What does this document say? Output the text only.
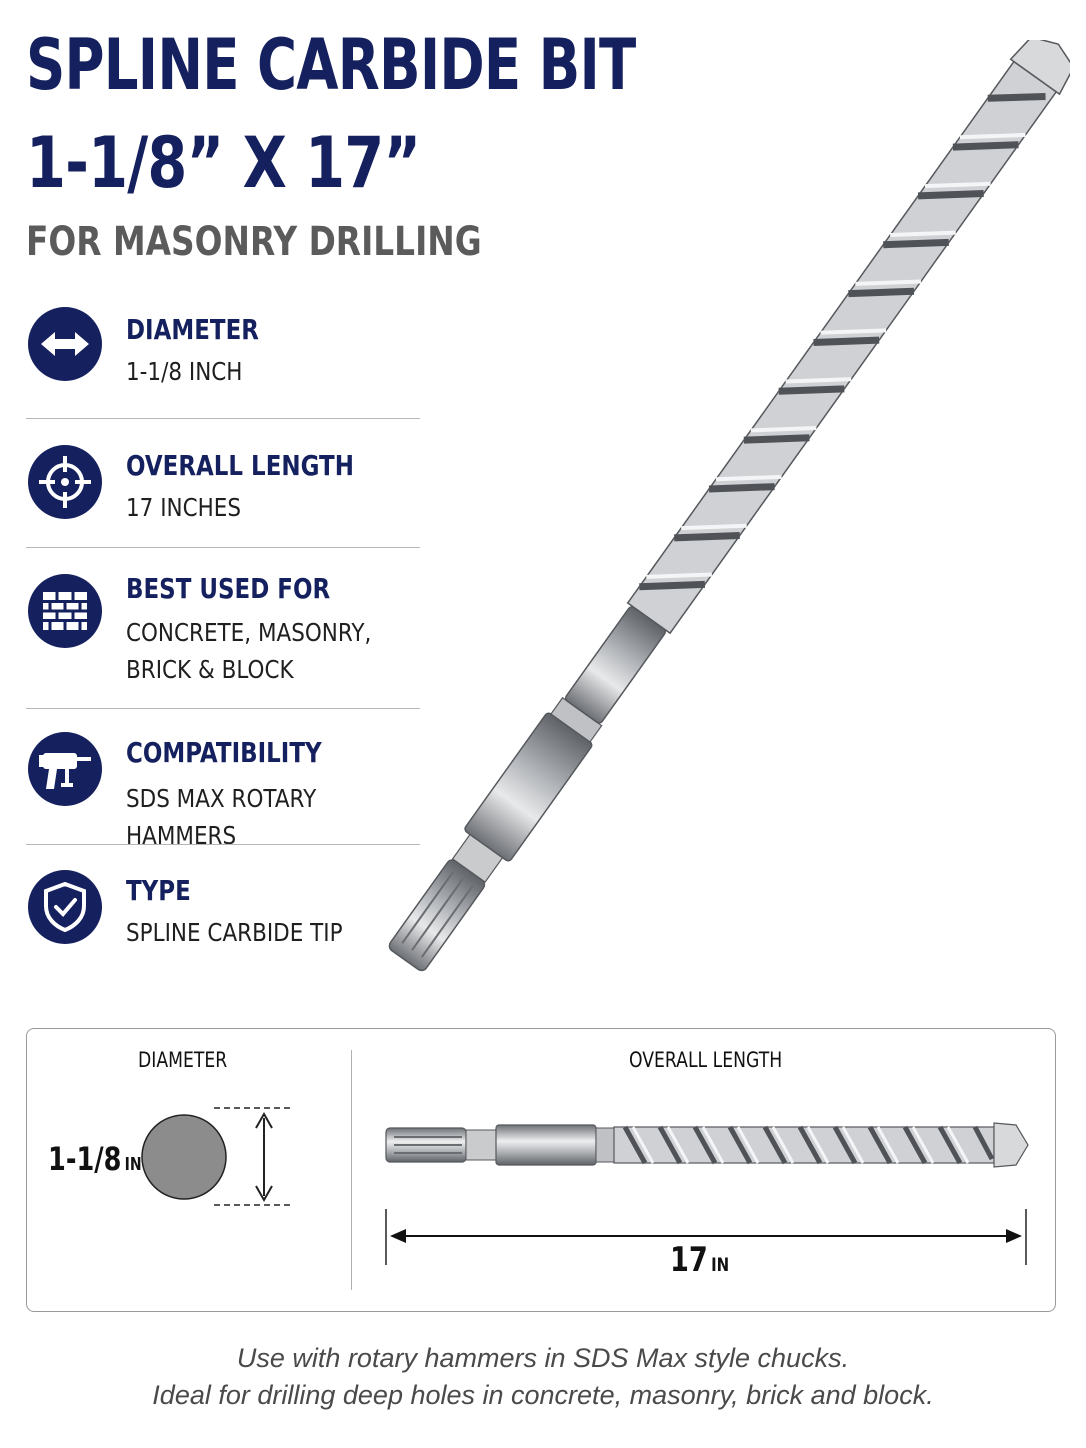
SPLINE CARBIDE BIT
1-1/8” X 17”
FOR MASONRY DRILLING
DIAMETER
1-1/8 INCH
OVERALL LENGTH
17 INCHES
BEST USED FOR
CONCRETE, MASONRY,
BRICK & BLOCK
COMPATIBILITY
SDS MAX ROTARY HAMMERS
TYPE
SPLINE CARBIDE TIP
DIAMETER	OVERALL LENGTH
1-1/8 IN
17 IN
Use with rotary hammers in SDS Max style chucks.
Ideal for drilling deep holes in concrete, masonry, brick and block.
